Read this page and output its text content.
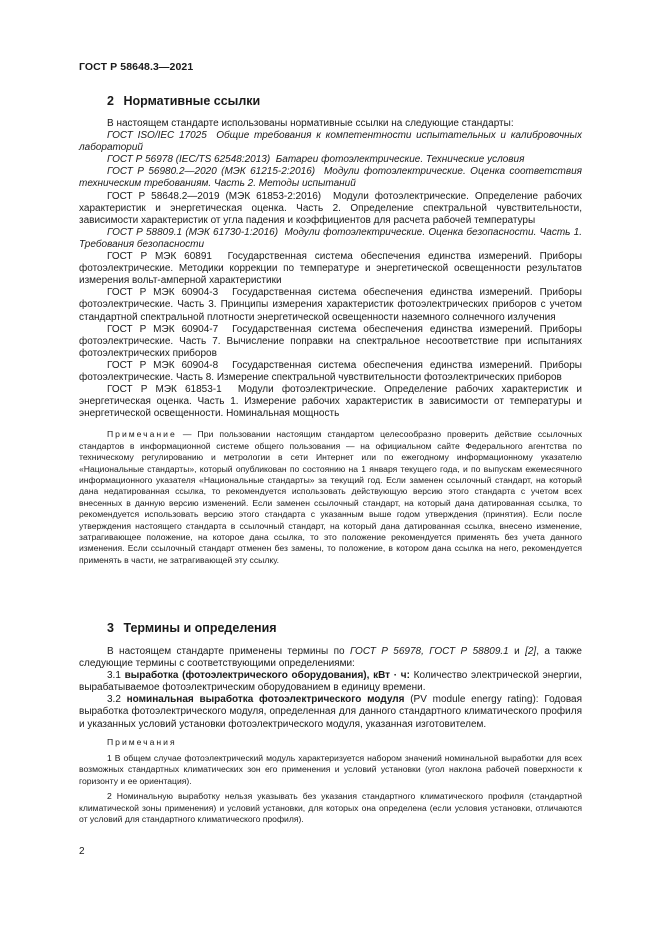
ГОСТ Р 58648.3—2021
2 Нормативные ссылки

В настоящем стандарте использованы нормативные ссылки на следующие стандарты:

ГОСТ ISO/IEC 17025 Общие требования к компетентности испытательных и калибровочных лабораторий

ГОСТ Р 56978 (IEC/TS 62548:2013) Батареи фотоэлектрические. Технические условия

ГОСТ Р 56980.2—2020 (МЭК 61215-2:2016) Модули фотоэлектрические. Оценка соответствия техническим требованиям. Часть 2. Методы испытаний

ГОСТ Р 58648.2—2019 (МЭК 61853-2:2016) Модули фотоэлектрические. Определение рабочих характеристик и энергетическая оценка. Часть 2. Определение спектральной чувствительности, зависимости характеристик от угла падения и коэффициентов для расчета рабочей температуры

ГОСТ Р 58809.1 (МЭК 61730-1:2016) Модули фотоэлектрические. Оценка безопасности. Часть 1. Требования безопасности

ГОСТ Р МЭК 60891 Государственная система обеспечения единства измерений. Приборы фотоэлектрические. Методики коррекции по температуре и энергетической освещенности результатов измерения вольт-амперной характеристики

ГОСТ Р МЭК 60904-3 Государственная система обеспечения единства измерений. Приборы фотоэлектрические. Часть 3. Принципы измерения характеристик фотоэлектрических приборов с учетом стандартной спектральной плотности энергетической освещенности наземного солнечного излучения

ГОСТ Р МЭК 60904-7 Государственная система обеспечения единства измерений. Приборы фотоэлектрические. Часть 7. Вычисление поправки на спектральное несоответствие при испытаниях фотоэлектрических приборов

ГОСТ Р МЭК 60904-8 Государственная система обеспечения единства измерений. Приборы фотоэлектрические. Часть 8. Измерение спектральной чувствительности фотоэлектрических приборов

ГОСТ Р МЭК 61853-1 Модули фотоэлектрические. Определение рабочих характеристик и энергетическая оценка. Часть 1. Измерение рабочих характеристик в зависимости от температуры и энергетической освещенности. Номинальная мощность

Примечание — При пользовании настоящим стандартом целесообразно проверить действие ссылочных стандартов в информационной системе общего пользования — на официальном сайте Федерального агентства по техническому регулированию и метрологии в сети Интернет или по ежегодному информационному указателю «Национальные стандарты», который опубликован по состоянию на 1 января текущего года, и по выпускам ежемесячного информационного указателя «Национальные стандарты» за текущий год. Если заменен ссылочный стандарт, на который дана недатированная ссылка, то рекомендуется использовать действующую версию этого стандарта с учетом всех внесенных в данную версию изменений. Если заменен ссылочный стандарт, на который дана датированная ссылка, то рекомендуется использовать версию этого стандарта с указанным выше годом утверждения (принятия). Если после утверждения настоящего стандарта в ссылочный стандарт, на который дана датированная ссылка, внесено изменение, затрагивающее положение, на которое дана ссылка, то это положение рекомендуется применять без учета данного изменения. Если ссылочный стандарт отменен без замены, то положение, в котором дана ссылка на него, рекомендуется применять в части, не затрагивающей эту ссылку.

3 Термины и определения

В настоящем стандарте применены термины по ГОСТ Р 56978, ГОСТ Р 58809.1 и [2], а также следующие термины с соответствующими определениями:

3.1 выработка (фотоэлектрического оборудования), кВт · ч: Количество электрической энергии, вырабатываемое фотоэлектрическим оборудованием в единицу времени.

3.2 номинальная выработка фотоэлектрического модуля (PV module energy rating): Годовая выработка фотоэлектрического модуля, определенная для данного стандартного климатического профиля и указанных условий установки фотоэлектрического модуля, указанная изготовителем.

Примечания

1 В общем случае фотоэлектрический модуль характеризуется набором значений номинальной выработки для всех возможных стандартных климатических зон его применения и условий установки (угол наклона рабочей поверхности к горизонту и ее ориентация).

2 Номинальную выработку нельзя указывать без указания стандартного климатического профиля (стандартной климатической зоны применения) и условий установки, для которых она определена (если условия установки, отличаются от условий для стандартного климатического профиля).

2
